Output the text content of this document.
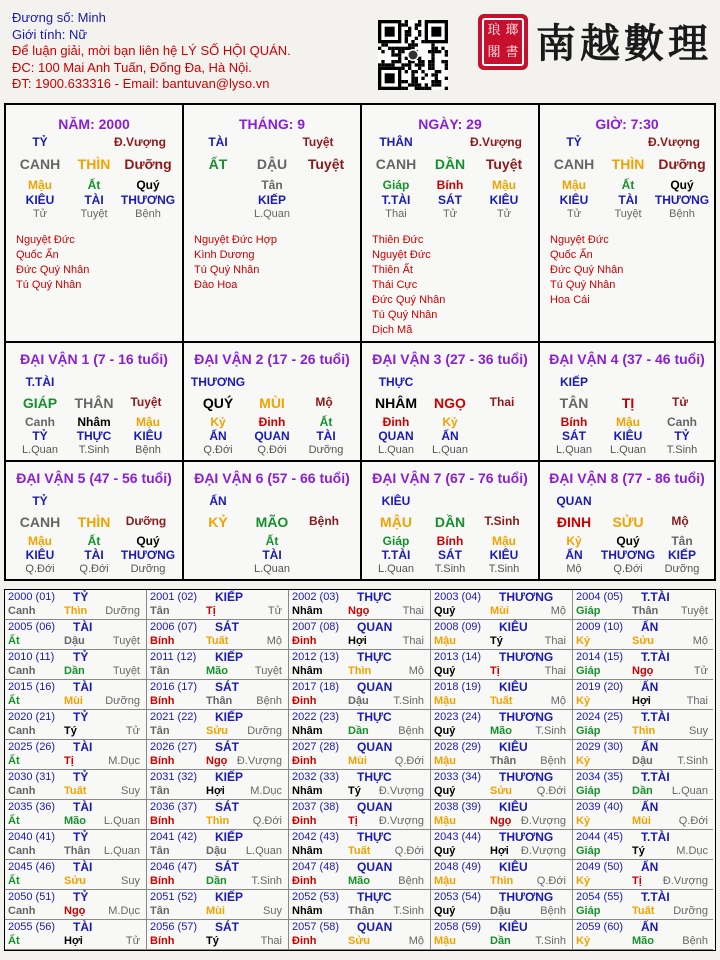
Đương số: Minh
Giới tính: Nữ
Để luận giải, mời bạn liên hệ LÝ SỐ HỘI QUÁN.
ĐC: 100 Mai Anh Tuấn, Đống Đa, Hà Nội.
ĐT: 1900.633316 - Email: bantuvan@lyso.vn
琅 瑯
閣 書 南越數理
NĂM: 2000
TỶ	Đ.Vượng
CANH	THÌN	Dưỡng
Mậu	Ất	Quý
KIÊU	TÀI	THƯƠNG
Tử	Tuyệt	Bệnh
Nguyệt Đức
Quốc Ấn
Đức Quý Nhân
Tú Quý Nhân
THÁNG: 9
TÀI	Tuyệt
ẤT	DẬU	Tuyệt
Tân
KIẾP
L.Quan
Nguyệt Đức Hợp
Kình Dương
Tú Quý Nhân
Đào Hoa
NGÀY: 29
THÂN	Đ.Vượng
CANH	DẦN	Tuyệt
Giáp	Bính	Mậu
T.TÀI	SÁT	KIÊU
Thai	Tử	Tử
Thiên Đức
Nguyệt Đức
Thiên Ất
Thái Cực
Đức Quý Nhân
Tú Quý Nhân
Dịch Mã
GIỜ: 7:30
TỶ	Đ.Vượng
CANH	THÌN	Dưỡng
Mậu	Ất	Quý
KIÊU	TÀI	THƯƠNG
Tử	Tuyệt	Bệnh
Nguyệt Đức
Quốc Ấn
Đức Quý Nhân
Tú Quý Nhân
Hoa Cái
ĐẠI VẬN 1 (7 - 16 tuổi)
T.TÀI
GIÁP	THÂN	Tuyệt
Canh	Nhâm	Mậu
TỶ	THỰC	KIÊU
L.Quan	T.Sinh	Bệnh
ĐẠI VẬN 2 (17 - 26 tuổi)
THƯƠNG
QUÝ	MÙI	Mộ
Kỷ	Đinh	Ất
ẤN	QUAN	TÀI
Q.Đới	Q.Đới	Dưỡng
ĐẠI VẬN 3 (27 - 36 tuổi)
THỰC
NHÂM	NGỌ	Thai
Đinh	Kỷ
QUAN	ẤN
L.Quan	L.Quan
ĐẠI VẬN 4 (37 - 46 tuổi)
KIẾP
TÂN	TỊ	Tử
Bính	Mậu	Canh
SÁT	KIÊU	TỶ
L.Quan	L.Quan	T.Sinh
ĐẠI VẬN 5 (47 - 56 tuổi)
TỶ
CANH	THÌN	Dưỡng
Mậu	Ất	Quý
KIÊU	TÀI	THƯƠNG
Q.Đới	Q.Đới	Dưỡng
ĐẠI VẬN 6 (57 - 66 tuổi)
ẤN
KỶ	MÃO	Bệnh
Ất
TÀI
L.Quan
ĐẠI VẬN 7 (67 - 76 tuổi)
KIÊU
MẬU	DẦN	T.Sinh
Giáp	Bính	Mậu
T.TÀI	SÁT	KIÊU
L.Quan	T.Sinh	T.Sinh
ĐẠI VẬN 8 (77 - 86 tuổi)
QUAN
ĐINH	SỬU	Mộ
Kỷ	Quý	Tân
ẤN	THƯƠNG	KIẾP
Mộ	Q.Đới	Dưỡng
2000 (01) TỶ
Canh	Thìn Dưỡng
2001 (02) KIẾP
Tân	Tị	Tử
2002 (03) THỰC
Nhâm Ngọ	Thai
2003 (04) THƯƠNG
Quý	Mùi	Mộ
2004 (05) T.TÀI
Giáp	Thân Tuyệt
2005 (06) TÀI
Ất	Dậu	Tuyệt
2006 (07) SÁT
Bính	Tuất	Mộ
2007 (08) QUAN
Đinh	Hợi	Thai
2008 (09) KIÊU
Mậu	Tý	Thai
2009 (10) ẤN
Kỷ	Sửu	Mộ
2010 (11) TỶ
Canh	Dần	Tuyệt
2011 (12) KIẾP
Tân	Mão Tuyệt
2012 (13) THỰC
Nhâm Thìn	Mộ
2013 (14) THƯƠNG
Quý	Tị	Thai
2014 (15) T.TÀI
Giáp	Ngọ	Tử
2015 (16) TÀI
Ất	Mùi Dưỡng
2016 (17) SÁT
Bính	Thân Bệnh
2017 (18) QUAN
Đinh	Dậu T.Sinh
2018 (19) KIÊU
Mậu	Tuất	Mộ
2019 (20) ẤN
Kỷ	Hợi	Thai
2020 (21) TỶ
Canh	Tý	Tử
2021 (22) KIẾP
Tân	Sửu Dưỡng
2022 (23) THỰC
Nhâm Dần	Bệnh
2023 (24) THƯƠNG
Quý	Mão T.Sinh
2024 (25) T.TÀI
Giáp	Thìn	Suy
2025 (26) TÀI
Ất	Tị	M.Dục
2026 (27) SÁT
Bính	Ngọ Đ.Vượng
2027 (28) QUAN
Đinh	Mùi	Q.Đới
2028 (29) KIÊU
Mậu	Thân Bệnh
2029 (30) ẤN
Kỷ	Dậu T.Sinh
2030 (31) TỶ
Canh	Tuất	Suy
2031 (32) KIẾP
Tân	Hợi M.Dục
2032 (33) THỰC
Nhâm Tý Đ.Vượng
2033 (34) THƯƠNG
Quý	Sửu Q.Đới
2034 (35) T.TÀI
Giáp	Dần L.Quan
2035 (36) TÀI
Ất	Mão L.Quan
2036 (37) SÁT
Bính	Thìn Q.Đới
2037 (38) QUAN
Đinh	Tị Đ.Vượng
2038 (39) KIÊU
Mậu	Ngọ Đ.Vượng
2039 (40) ẤN
Kỷ	Mùi	Q.Đới
2040 (41) TỶ
Canh	Thân L.Quan
2041 (42) KIẾP
Tân	Dậu L.Quan
2042 (43) THỰC
Nhâm Tuất Q.Đới
2043 (44) THƯƠNG
Quý	Hợi Đ.Vượng
2044 (45) T.TÀI
Giáp	Tý	M.Dục
2045 (46) TÀI
Ất	Sửu	Suy
2046 (47) SÁT
Bính	Dần T.Sinh
2047 (48) QUAN
Đinh	Mão	Bệnh
2048 (49) KIÊU
Mậu	Thìn Q.Đới
2049 (50) ẤN
Kỷ	Tị Đ.Vượng
2050 (51) TỶ
Canh	Ngọ M.Dục
2051 (52) KIẾP
Tân	Mùi	Suy
2052 (53) THỰC
Nhâm Thân T.Sinh
2053 (54) THƯƠNG
Quý	Dậu	Bệnh
2054 (55) T.TÀI
Giáp	Tuất Dưỡng
2055 (56) TÀI
Ất	Hợi	Tử
2056 (57) SÁT
Bính	Tý	Thai
2057 (58) QUAN
Đinh	Sửu	Mộ
2058 (59) KIÊU
Mậu	Dần T.Sinh
2059 (60) ẤN
Kỷ	Mão	Bệnh
